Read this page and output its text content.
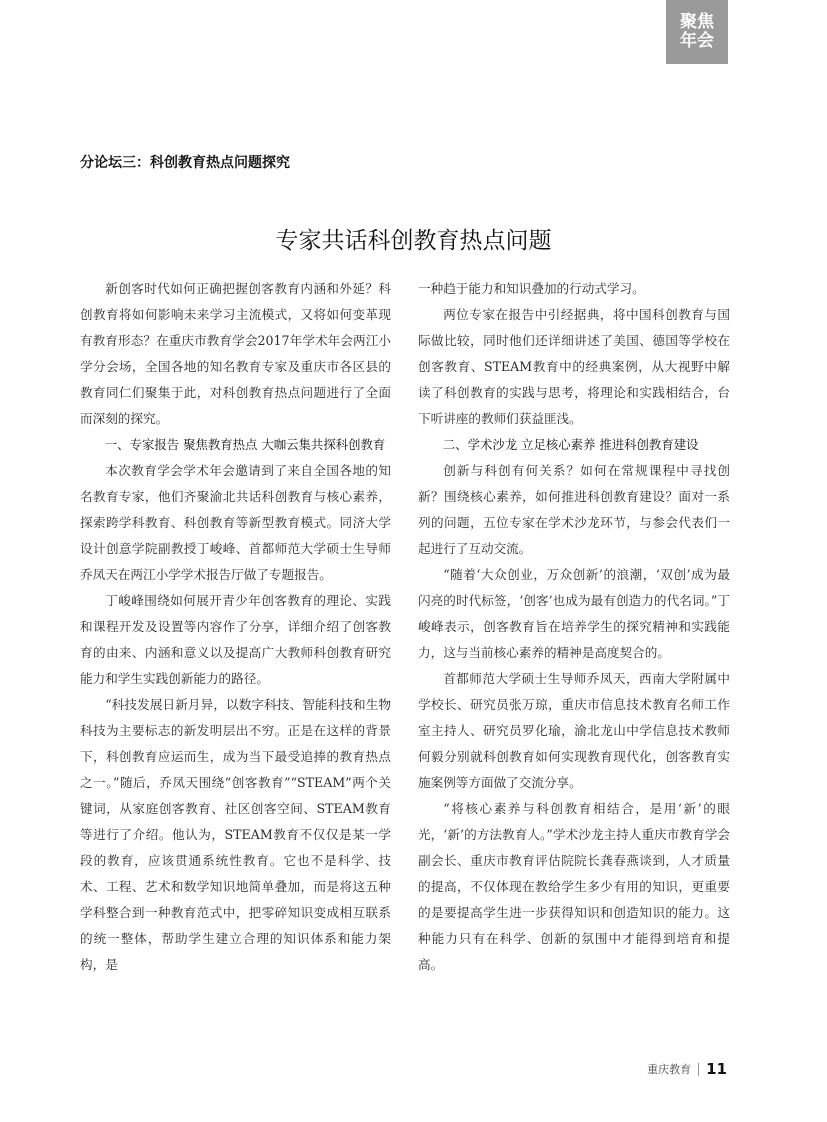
聚焦
年会
分论坛三：科创教育热点问题探究
专家共话科创教育热点问题

新创客时代如何正确把握创客教育内涵和外延？科创教育将如何影响未来学习主流模式，又将如何变革现有教育形态？在重庆市教育学会2017年学术年会两江小学分会场，全国各地的知名教育专家及重庆市各区县的教育同仁们聚集于此，对科创教育热点问题进行了全面而深刻的探究。

一、专家报告 聚焦教育热点 大咖云集共探科创教育

本次教育学会学术年会邀请到了来自全国各地的知名教育专家，他们齐聚渝北共话科创教育与核心素养，探索跨学科教育、科创教育等新型教育模式。同济大学设计创意学院副教授丁峻峰、首都师范大学硕士生导师乔凤天在两江小学学术报告厅做了专题报告。

丁峻峰围绕如何展开青少年创客教育的理论、实践和课程开发及设置等内容作了分享，详细介绍了创客教育的由来、内涵和意义以及提高广大教师科创教育研究能力和学生实践创新能力的路径。

“科技发展日新月异，以数字科技、智能科技和生物科技为主要标志的新发明层出不穷。正是在这样的背景下，科创教育应运而生，成为当下最受追捧的教育热点之一。”随后，乔凤天围绕“创客教育”“STEAM”两个关键词，从家庭创客教育、社区创客空间、STEAM教育等进行了介绍。他认为，STEAM教育不仅仅是某一学段的教育，应该贯通系统性教育。它也不是科学、技术、工程、艺术和数学知识地简单叠加，而是将这五种学科整合到一种教育范式中，把零碎知识变成相互联系的统一整体，帮助学生建立合理的知识体系和能力架构，是

一种趋于能力和知识叠加的行动式学习。

两位专家在报告中引经据典，将中国科创教育与国际做比较，同时他们还详细讲述了美国、德国等学校在创客教育、STEAM教育中的经典案例，从大视野中解读了科创教育的实践与思考，将理论和实践相结合，台下听讲座的教师们获益匪浅。

二、学术沙龙 立足核心素养 推进科创教育建设

创新与科创有何关系？如何在常规课程中寻找创新？围绕核心素养，如何推进科创教育建设？面对一系列的问题，五位专家在学术沙龙环节，与参会代表们一起进行了互动交流。

“随着‘大众创业，万众创新’的浪潮，‘双创’成为最闪亮的时代标签，‘创客’也成为最有创造力的代名词。”丁峻峰表示，创客教育旨在培养学生的探究精神和实践能力，这与当前核心素养的精神是高度契合的。

首都师范大学硕士生导师乔凤天，西南大学附属中学校长、研究员张万琼，重庆市信息技术教育名师工作室主持人、研究员罗化瑜，渝北龙山中学信息技术教师何毅分别就科创教育如何实现教育现代化，创客教育实施案例等方面做了交流分享。

“将核心素养与科创教育相结合，是用‘新’的眼光，‘新’的方法教育人。”学术沙龙主持人重庆市教育学会副会长、重庆市教育评估院院长龚春燕谈到，人才质量的提高，不仅体现在教给学生多少有用的知识，更重要的是要提高学生进一步获得知识和创造知识的能力。这种能力只有在科学、创新的氛围中才能得到培育和提高。

重庆教育 11
